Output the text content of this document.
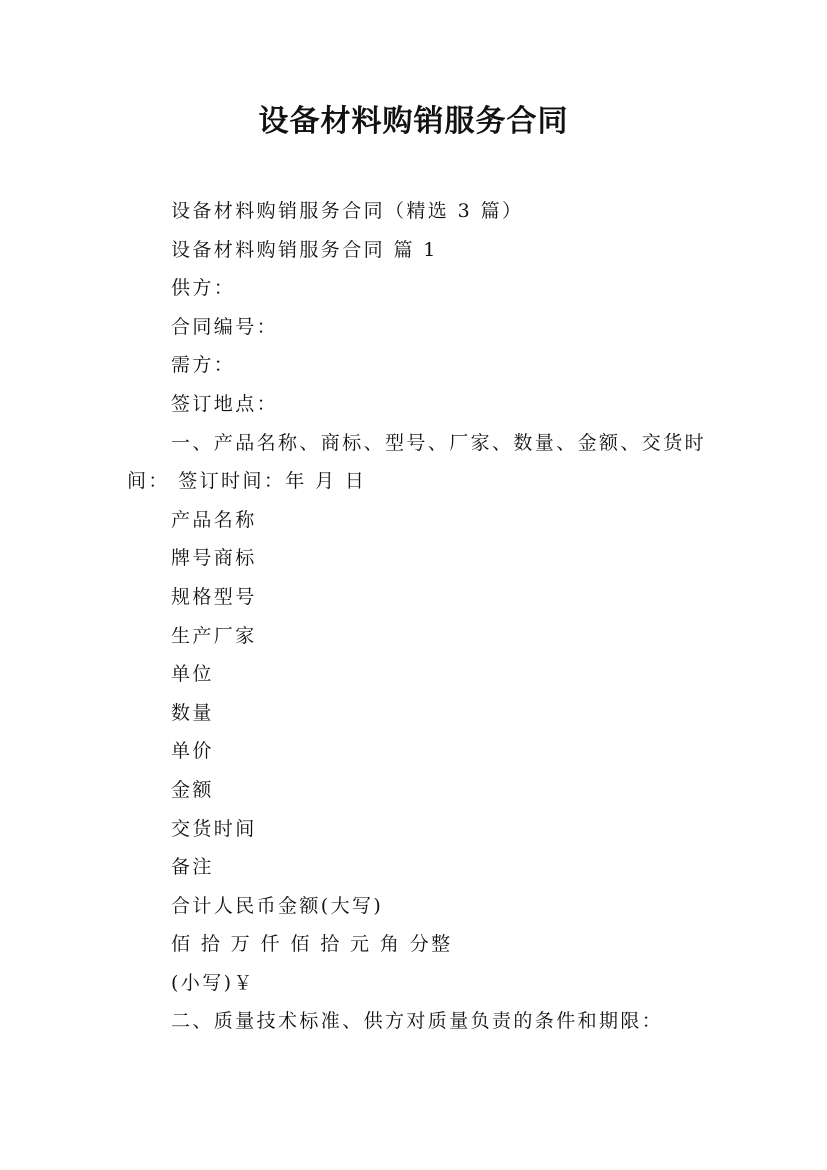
设备材料购销服务合同

设备材料购销服务合同（精选 3 篇）

设备材料购销服务合同 篇 1

供方：

合同编号：

需方：

签订地点：

一、产品名称、商标、型号、厂家、数量、金额、交货时间： 签订时间：年 月 日

产品名称

牌号商标

规格型号

生产厂家

单位

数量

单价

金额

交货时间

备注

合计人民币金额(大写)

佰 拾 万 仟 佰 拾 元 角 分整

(小写)￥

二、质量技术标准、供方对质量负责的条件和期限：
